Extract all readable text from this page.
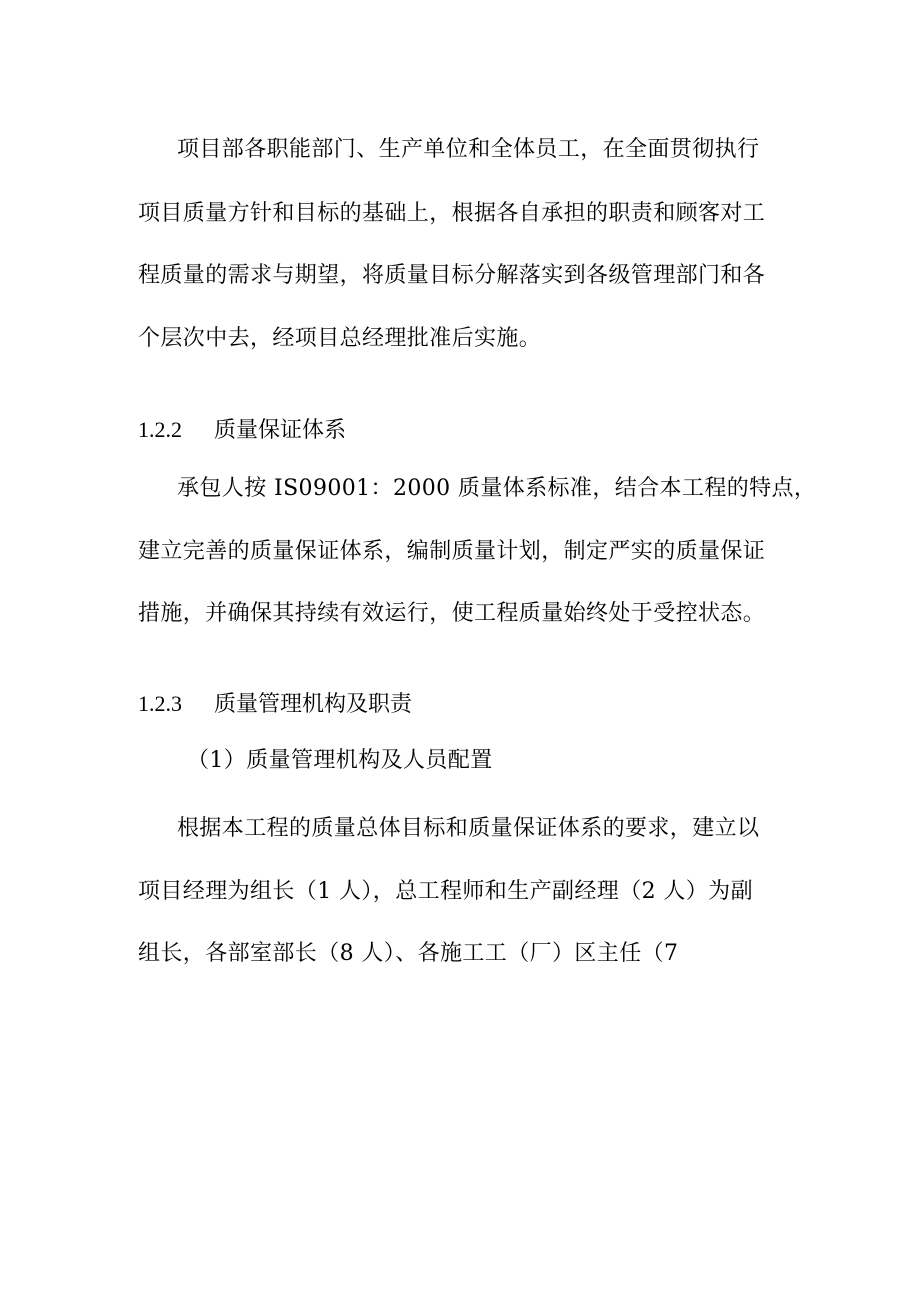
项目部各职能部门、生产单位和全体员工，在全面贯彻执行
项目质量方针和目标的基础上，根据各自承担的职责和顾客对工
程质量的需求与期望，将质量目标分解落实到各级管理部门和各
个层次中去，经项目总经理批准后实施。
1.2.2 质量保证体系
承包人按 IS09001：2000 质量体系标准，结合本工程的特点，
建立完善的质量保证体系，编制质量计划，制定严实的质量保证
措施，并确保其持续有效运行，使工程质量始终处于受控状态。
1.2.3 质量管理机构及职责
（1）质量管理机构及人员配置
根据本工程的质量总体目标和质量保证体系的要求，建立以
项目经理为组长（1 人），总工程师和生产副经理（2 人）为副
组长，各部室部长（8 人）、各施工工（厂）区主任（7
